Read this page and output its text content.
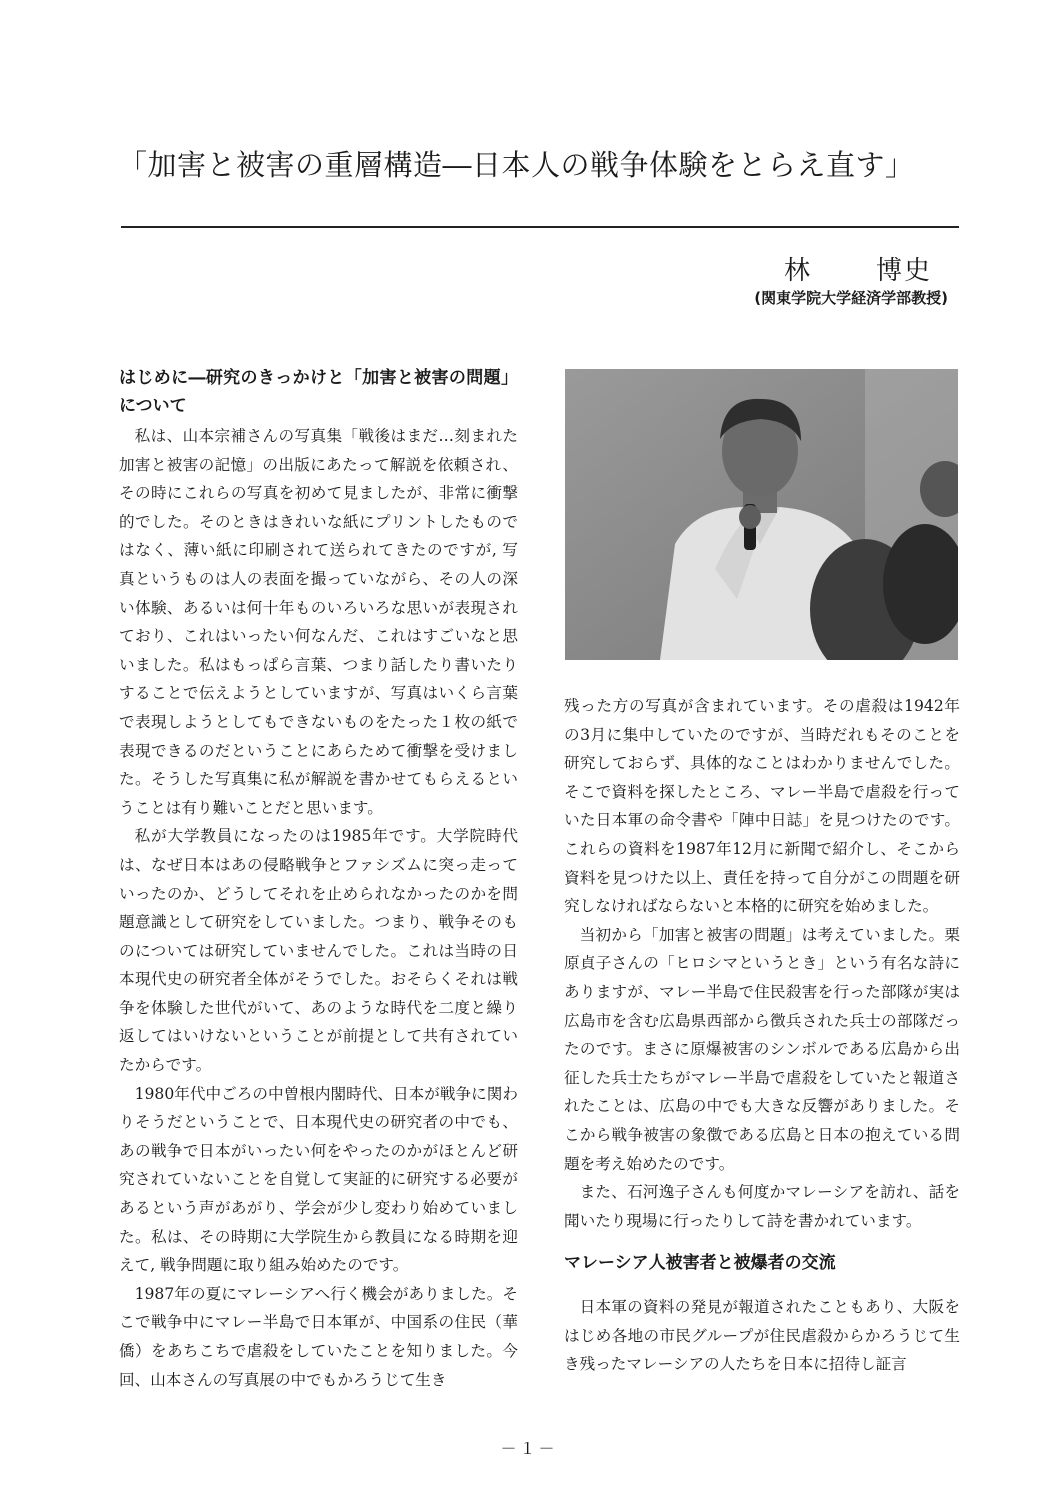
「加害と被害の重層構造―日本人の戦争体験をとらえ直す」

林 博史

(関東学院大学経済学部教授)

はじめに―研究のきっかけと「加害と被害の問題」について

私は、山本宗補さんの写真集「戦後はまだ…刻まれた加害と被害の記憶」の出版にあたって解説を依頼され、その時にこれらの写真を初めて見ましたが、非常に衝撃的でした。そのときはきれいな紙にプリントしたものではなく、薄い紙に印刷されて送られてきたのですが, 写真というものは人の表面を撮っていながら、その人の深い体験、あるいは何十年ものいろいろな思いが表現されており、これはいったい何なんだ、これはすごいなと思いました。私はもっぱら言葉、つまり話したり書いたりすることで伝えようとしていますが、写真はいくら言葉で表現しようとしてもできないものをたった１枚の紙で表現できるのだということにあらためて衝撃を受けました。そうした写真集に私が解説を書かせてもらえるということは有り難いことだと思います。

私が大学教員になったのは1985年です。大学院時代は、なぜ日本はあの侵略戦争とファシズムに突っ走っていったのか、どうしてそれを止められなかったのかを問題意識として研究をしていました。つまり、戦争そのものについては研究していませんでした。これは当時の日本現代史の研究者全体がそうでした。おそらくそれは戦争を体験した世代がいて、あのような時代を二度と繰り返してはいけないということが前提として共有されていたからです。

1980年代中ごろの中曽根内閣時代、日本が戦争に関わりそうだということで、日本現代史の研究者の中でも、あの戦争で日本がいったい何をやったのかがほとんど研究されていないことを自覚して実証的に研究する必要があるという声があがり、学会が少し変わり始めていました。私は、その時期に大学院生から教員になる時期を迎えて, 戦争問題に取り組み始めたのです。

1987年の夏にマレーシアへ行く機会がありました。そこで戦争中にマレー半島で日本軍が、中国系の住民（華僑）をあちこちで虐殺をしていたことを知りました。今回、山本さんの写真展の中でもかろうじて生き

残った方の写真が含まれています。その虐殺は1942年の3月に集中していたのですが、当時だれもそのことを研究しておらず、具体的なことはわかりませんでした。そこで資料を探したところ、マレー半島で虐殺を行っていた日本軍の命令書や「陣中日誌」を見つけたのです。これらの資料を1987年12月に新聞で紹介し、そこから資料を見つけた以上、責任を持って自分がこの問題を研究しなければならないと本格的に研究を始めました。

当初から「加害と被害の問題」は考えていました。栗原貞子さんの「ヒロシマというとき」という有名な詩にありますが、マレー半島で住民殺害を行った部隊が実は広島市を含む広島県西部から徴兵された兵士の部隊だったのです。まさに原爆被害のシンボルである広島から出征した兵士たちがマレー半島で虐殺をしていたと報道されたことは、広島の中でも大きな反響がありました。そこから戦争被害の象徴である広島と日本の抱えている問題を考え始めたのです。

また、石河逸子さんも何度かマレーシアを訪れ、話を聞いたり現場に行ったりして詩を書かれています。

マレーシア人被害者と被爆者の交流

日本軍の資料の発見が報道されたこともあり、大阪をはじめ各地の市民グループが住民虐殺からかろうじて生き残ったマレーシアの人たちを日本に招待し証言

－１－
